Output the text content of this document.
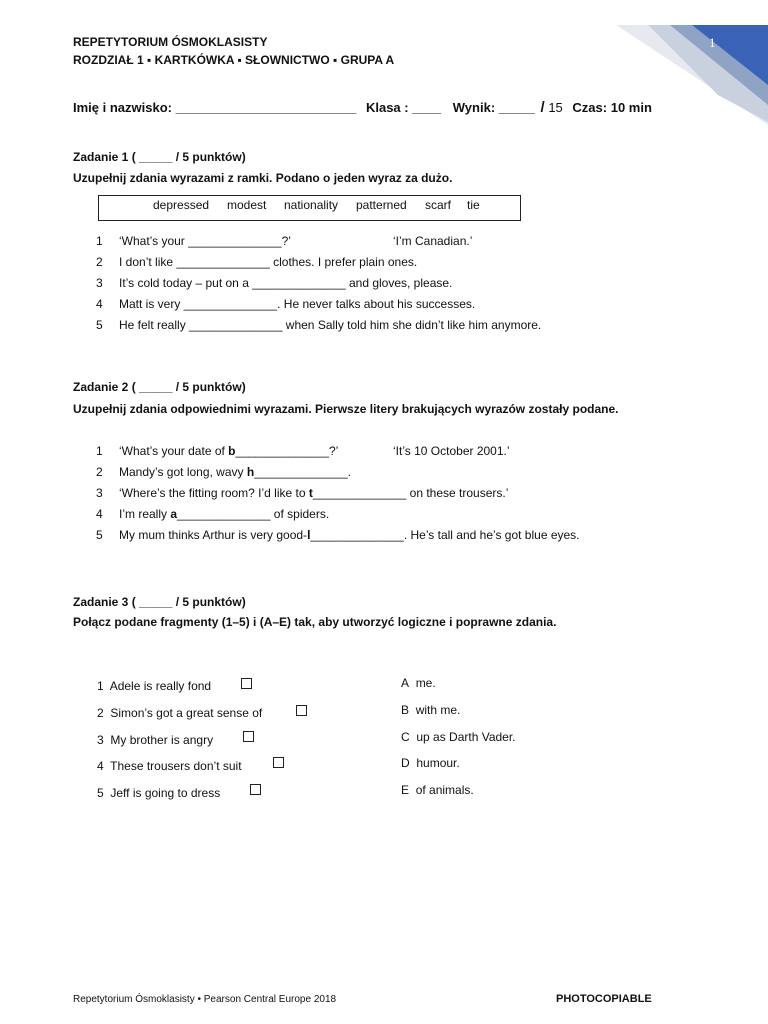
1
REPETYTORIUM ÓSMOKLASISTY
ROZDZIAŁ 1 ▪ KARTKÓWKA ▪ SŁOWNICTWO ▪ GRUPA A
Imię i nazwisko: _________________________ Klasa : ____ Wynik: _____ / 15 Czas: 10 min
Zadanie 1 ( _____ / 5 punktów)
Uzupełnij zdania wyrazami z ramki. Podano o jeden wyraz za dużo.
depressed modest nationality patterned scarf tie
1 ‘What’s your ______________?’	‘I’m Canadian.’
2 I don’t like ______________ clothes. I prefer plain ones.
3 It’s cold today – put on a ______________ and gloves, please.
4 Matt is very ______________. He never talks about his successes.
5 He felt really ______________ when Sally told him she didn’t like him anymore.
Zadanie 2 ( _____ / 5 punktów)
Uzupełnij zdania odpowiednimi wyrazami. Pierwsze litery brakujących wyrazów zostały podane.
1 ‘What’s your date of b______________?’	‘It’s 10 October 2001.’
2 Mandy’s got long, wavy h______________.
3 ‘Where’s the fitting room? I’d like to t______________ on these trousers.’
4 I’m really a______________ of spiders.
5 My mum thinks Arthur is very good-l______________. He’s tall and he’s got blue eyes.
Zadanie 3 ( _____ / 5 punktów)
Połącz podane fragmenty (1–5) i (A–E) tak, aby utworzyć logiczne i poprawne zdania.
1 Adele is really fond
2 Simon’s got a great sense of
3 My brother is angry
4 These trousers don’t suit
5 Jeff is going to dress
A me.
B with me.
C up as Darth Vader.
D humour.
E of animals.
Repetytorium Ósmoklasisty • Pearson Central Europe 2018	PHOTOCOPIABLE
